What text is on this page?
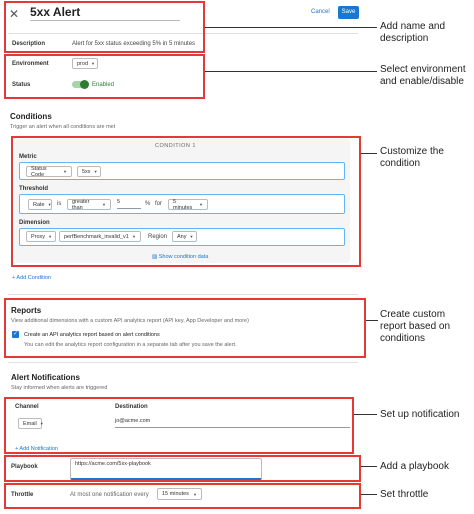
✕ 5xx Alert	Cancel	Save
Description	Alert for 5xx status exceeding 5% in 5 minutes
Environment	prod ▼
Status	Enabled
Conditions
Trigger an alert when all conditions are met
CONDITION 1
Metric
Status Code	▼	5xx ▼
Threshold
Rate ▼ is greater than	▼ 5	% for 5 minutes	▼
Dimension
Proxy ▼ perfBenchmark_invalid_v1 ▼ Region Any ▼
▨ Show condition data
+ Add Condition
Reports
View additional dimensions with a custom API analytics report (API key, App Developer and more)
✓ Create an API analytics report based on alert conditions
You can edit the analytics report configuration in a separate tab after you save the alert.
Alert Notifications
Stay informed when alerts are triggered
Channel	Destination
Email ▼	jo@acme.com
+ Add Notification
Playbook	https://acme.com/5xx-playbook
Throttle	At most one notification every 15 minutes ▼
Add name and description
Select environment and enable/disable
Customize the condition
Create custom report based on conditions
Set up notification
Add a playbook
Set throttle
